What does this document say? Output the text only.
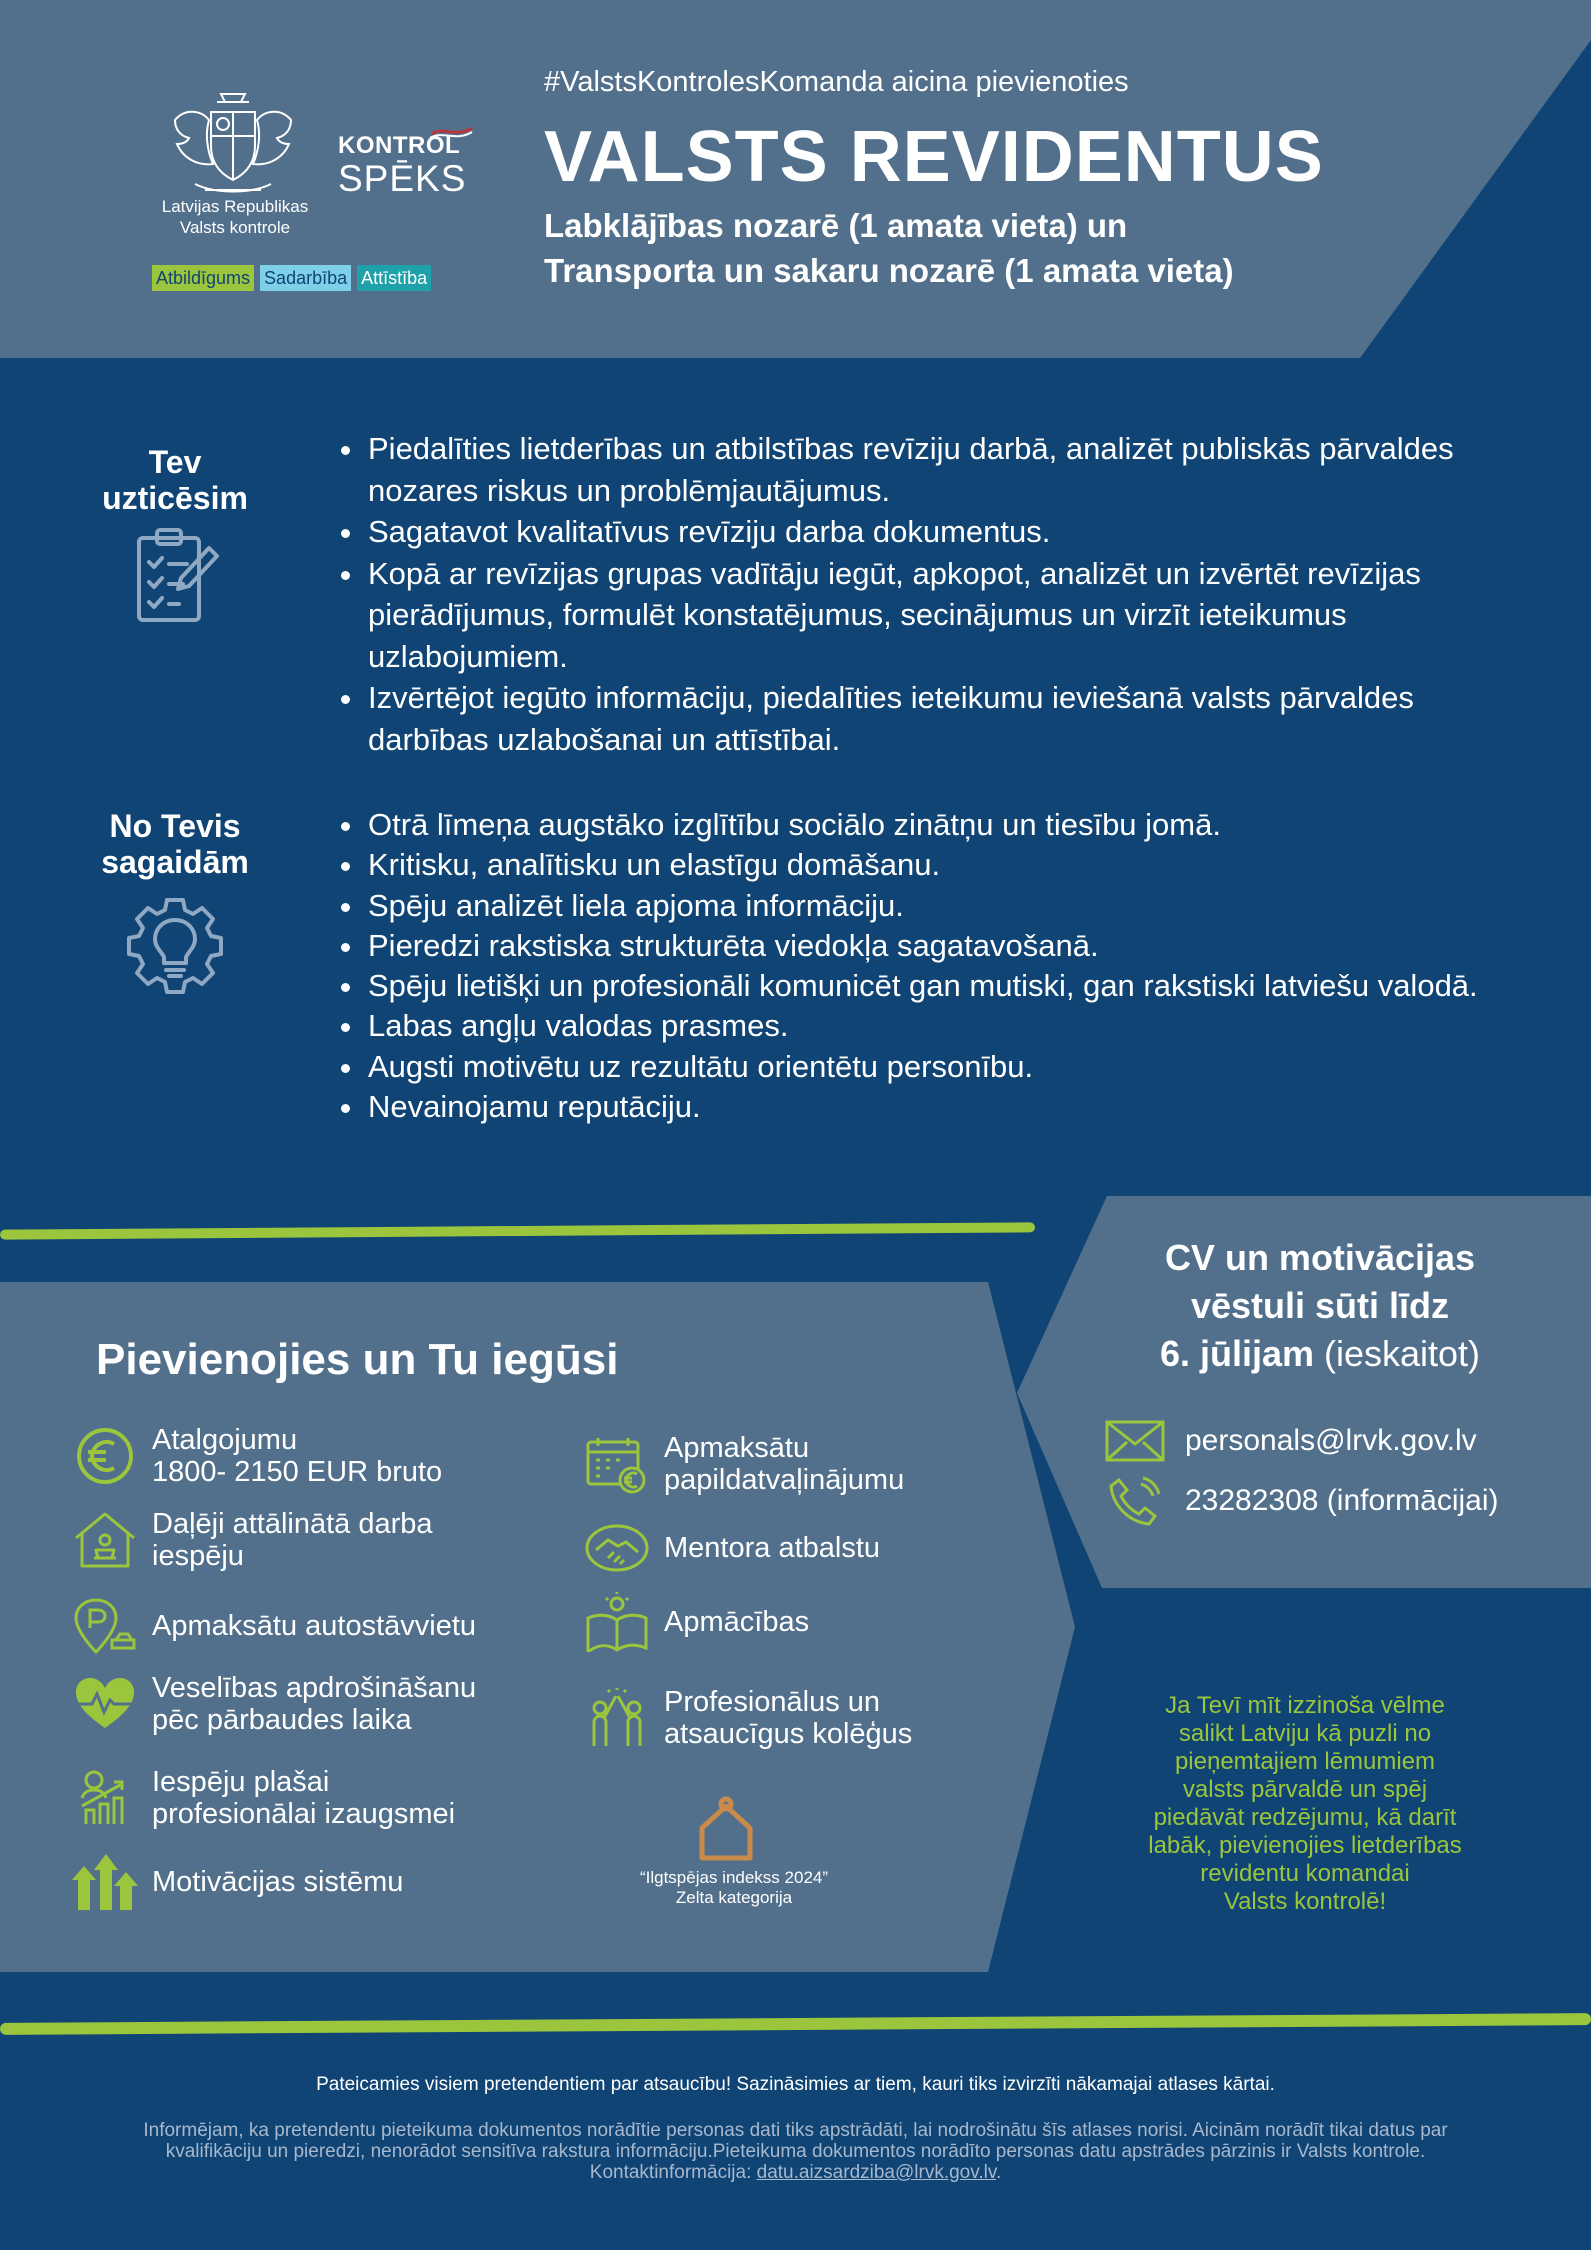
Latvijas Republikas
Valsts kontrole
KONTROL
SPĒKS
Atbildīgums Sadarbība Attīstība
#ValstsKontrolesKomanda aicina pievienoties
VALSTS REVIDENTUS
Labklājības nozarē (1 amata vieta) un
Transporta un sakaru nozarē (1 amata vieta)
Tev
uzticēsim
• Piedalīties lietderības un atbilstības revīziju darbā, analizēt publiskās pārvaldes nozares riskus un problēmjautājumus.
• Sagatavot kvalitatīvus revīziju darba dokumentus.
• Kopā ar revīzijas grupas vadītāju iegūt, apkopot, analizēt un izvērtēt revīzijas pierādījumus, formulēt konstatējumus, secinājumus un virzīt ieteikumus uzlabojumiem.
• Izvērtējot iegūto informāciju, piedalīties ieteikumu ieviešanā valsts pārvaldes darbības uzlabošanai un attīstībai.
No Tevis
sagaidām
• Otrā līmeņa augstāko izglītību sociālo zinātņu un tiesību jomā.
• Kritisku, analītisku un elastīgu domāšanu.
• Spēju analizēt liela apjoma informāciju.
• Pieredzi rakstiska strukturēta viedokļa sagatavošanā.
• Spēju lietišķi un profesionāli komunicēt gan mutiski, gan rakstiski latviešu valodā.
• Labas angļu valodas prasmes.
• Augsti motivētu uz rezultātu orientētu personību.
• Nevainojamu reputāciju.
Pievienojies un Tu iegūsi
Atalgojumu
1800- 2150 EUR bruto
Daļēji attālinātā darba
iespēju
Apmaksātu autostāvvietu
Veselības apdrošināšanu
pēc pārbaudes laika
Iespēju plašai
profesionālai izaugsmei
Motivācijas sistēmu
Apmaksātu
papildatvaļinājumu
Mentora atbalstu
Apmācības
Profesionālus un
atsaucīgus kolēģus
“Ilgtspējas indekss 2024”
Zelta kategorija
CV un motivācijas
vēstuli sūti līdz
6. jūlijam (ieskaitot)
personals@lrvk.gov.lv
23282308 (informācijai)
Ja Tevī mīt izzinoša vēlme
salikt Latviju kā puzli no
pieņemtajiem lēmumiem
valsts pārvaldē un spēj
piedāvāt redzējumu, kā darīt
labāk, pievienojies lietderības
revidentu komandai
Valsts kontrolē!
Pateicamies visiem pretendentiem par atsaucību! Sazināsimies ar tiem, kauri tiks izvirzīti nākamajai atlases kārtai.
Informējam, ka pretendentu pieteikuma dokumentos norādītie personas dati tiks apstrādāti, lai nodrošinātu šīs atlases norisi. Aicinām norādīt tikai datus par
kvalifikāciju un pieredzi, nenorādot sensitīva rakstura informāciju.Pieteikuma dokumentos norādīto personas datu apstrādes pārzinis ir Valsts kontrole.
Kontaktinformācija: datu.aizsardziba@lrvk.gov.lv.
